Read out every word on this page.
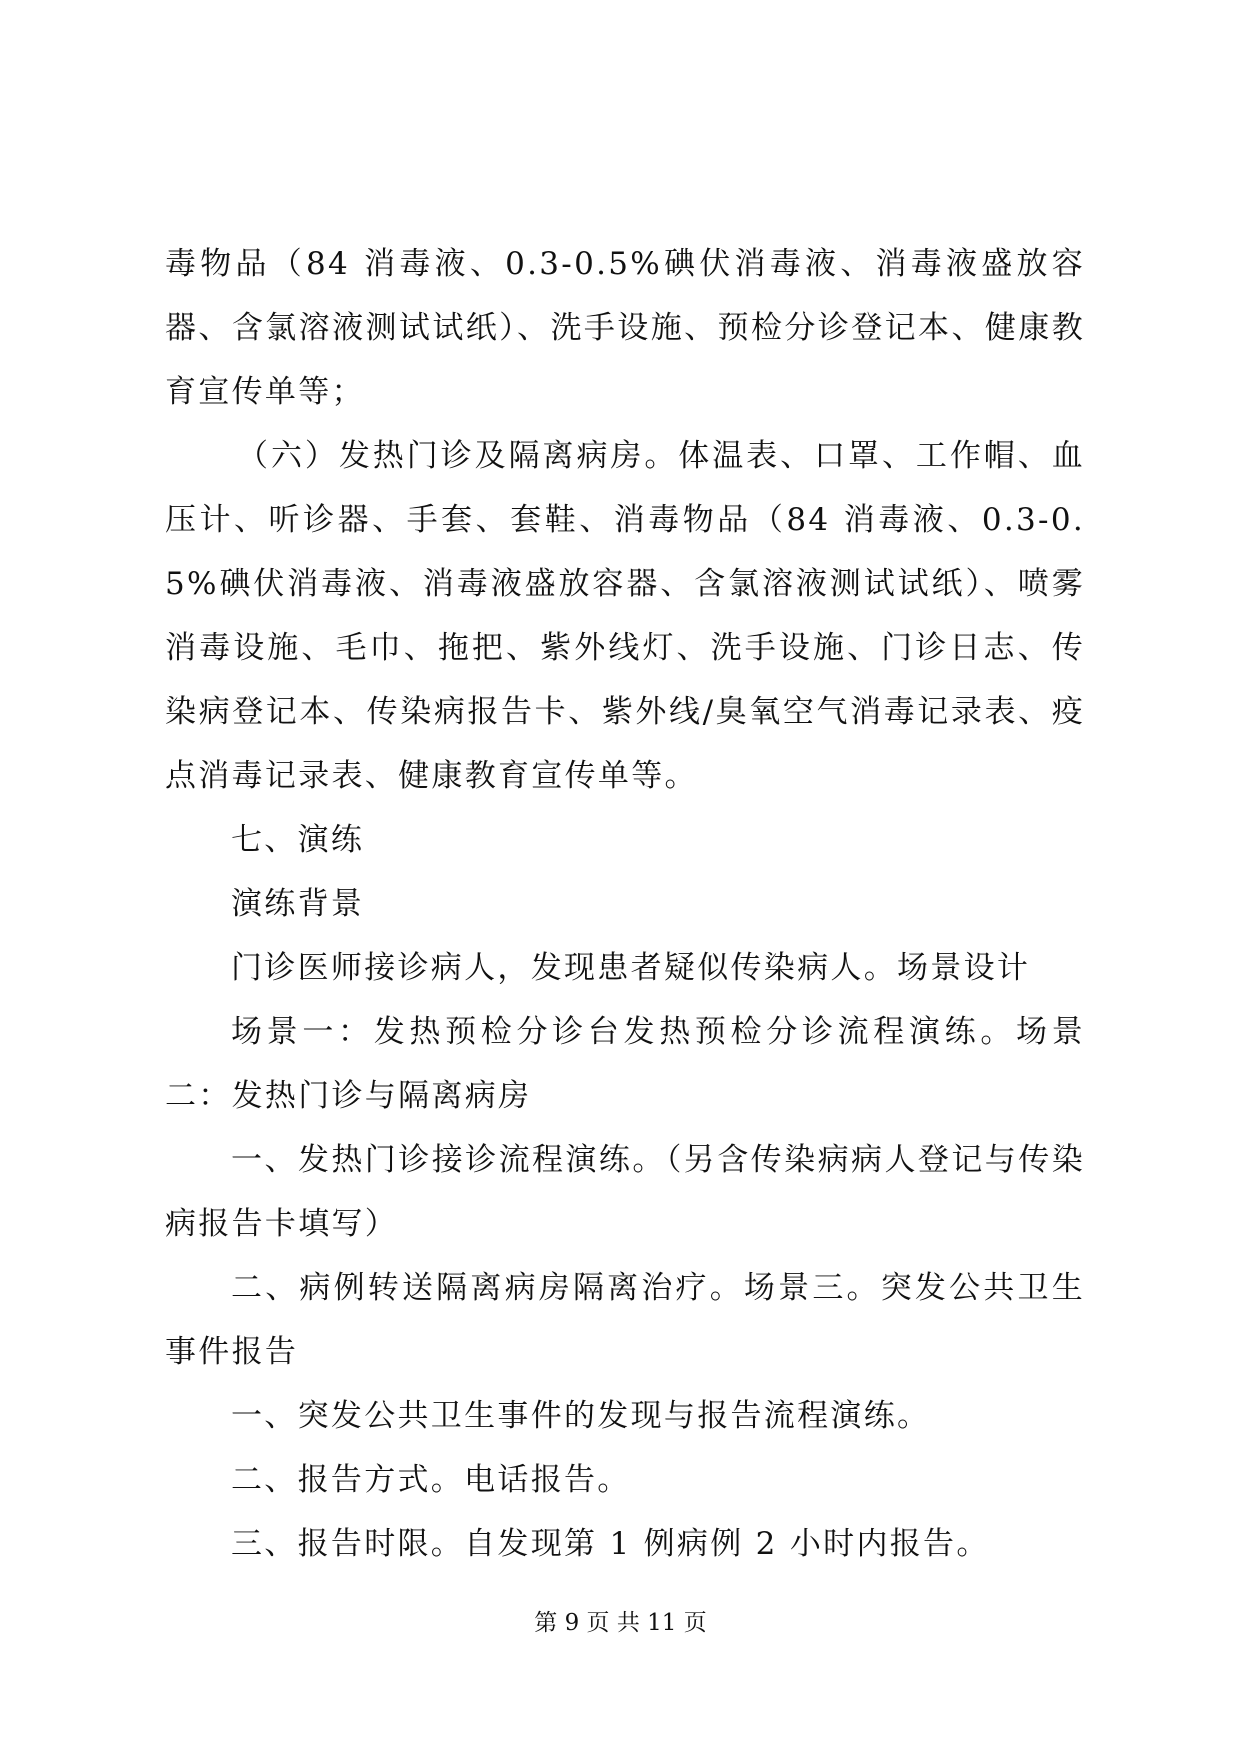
毒物品（84 消毒液、0.3-0.5%碘伏消毒液、消毒液盛放容器、含氯溶液测试试纸）、洗手设施、预检分诊登记本、健康教育宣传单等；

（六）发热门诊及隔离病房。体温表、口罩、工作帽、血压计、听诊器、手套、套鞋、消毒物品（84 消毒液、0.3-0.5%碘伏消毒液、消毒液盛放容器、含氯溶液测试试纸）、喷雾消毒设施、毛巾、拖把、紫外线灯、洗手设施、门诊日志、传染病登记本、传染病报告卡、紫外线/臭氧空气消毒记录表、疫点消毒记录表、健康教育宣传单等。

七、演练

演练背景

门诊医师接诊病人，发现患者疑似传染病人。场景设计

场景一：发热预检分诊台发热预检分诊流程演练。场景二：发热门诊与隔离病房

一、发热门诊接诊流程演练。（另含传染病病人登记与传染病报告卡填写）

二、病例转送隔离病房隔离治疗。场景三。突发公共卫生事件报告

一、突发公共卫生事件的发现与报告流程演练。

二、报告方式。电话报告。

三、报告时限。自发现第 1 例病例 2 小时内报告。

第 9 页 共 11 页
